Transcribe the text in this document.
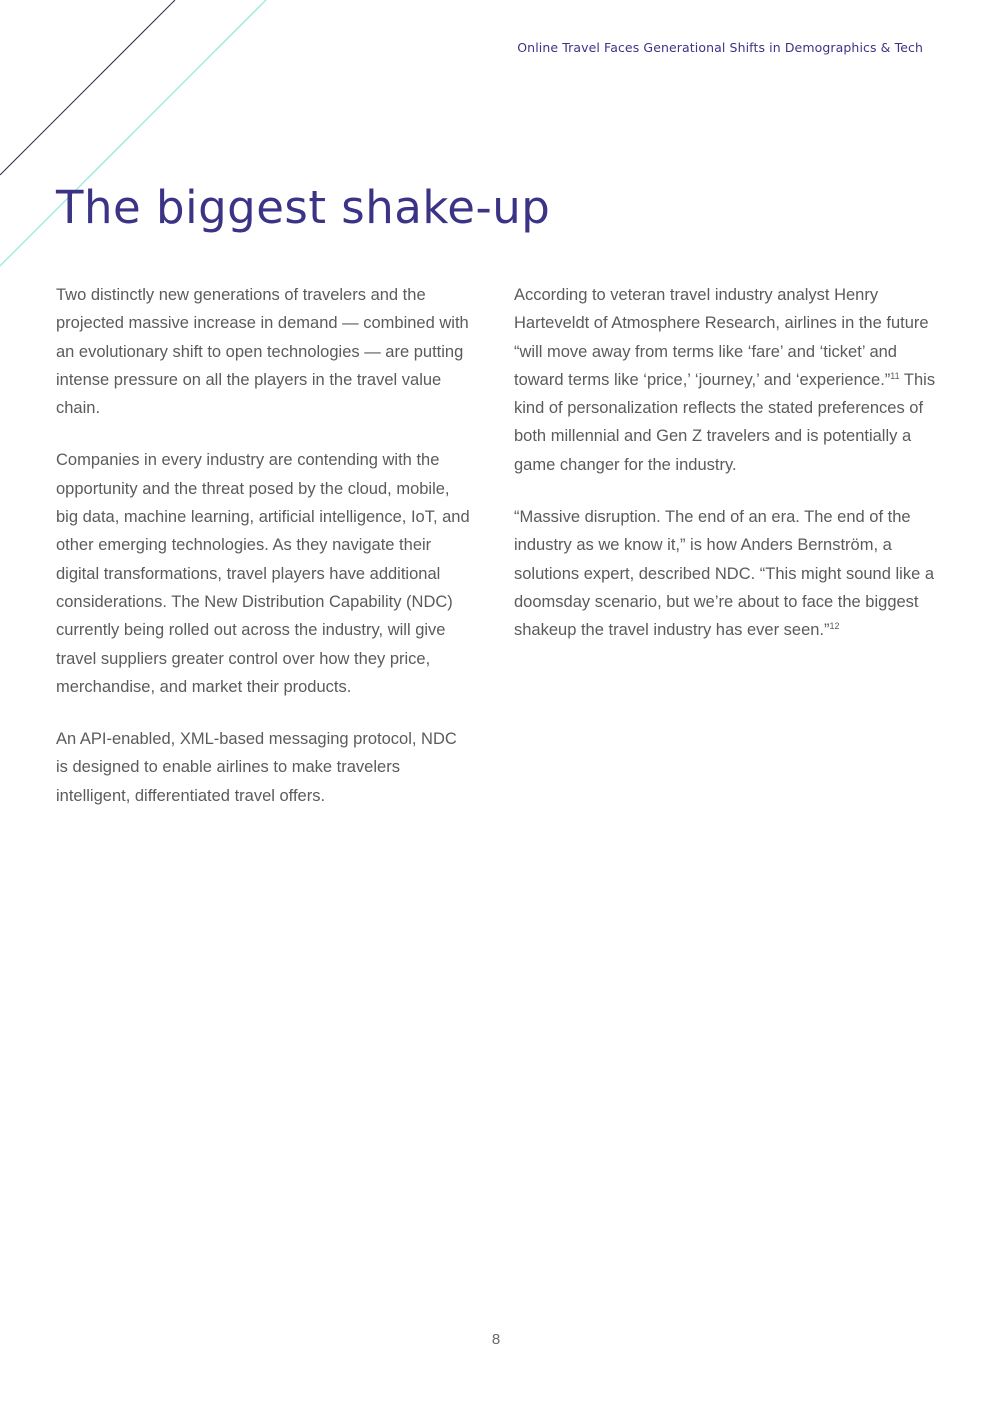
Online Travel Faces Generational Shifts in Demographics & Tech
The biggest shake-up

Two distinctly new generations of travelers and the projected massive increase in demand — combined with an evolutionary shift to open technologies — are putting intense pressure on all the players in the travel value chain.

Companies in every industry are contending with the opportunity and the threat posed by the cloud, mobile, big data, machine learning, artificial intelligence, IoT, and other emerging technologies. As they navigate their digital transformations, travel players have additional considerations. The New Distribution Capability (NDC) currently being rolled out across the industry, will give travel suppliers greater control over how they price, merchandise, and market their products.

An API-enabled, XML-based messaging protocol, NDC is designed to enable airlines to make travelers intelligent, differentiated travel offers.

According to veteran travel industry analyst Henry Harteveldt of Atmosphere Research, airlines in the future “will move away from terms like ‘fare’ and ‘ticket’ and toward terms like ‘price,’ ‘journey,’ and ‘experience.”$^{11}$ This kind of personalization reflects the stated preferences of both millennial and Gen Z travelers and is potentially a game changer for the industry.

“Massive disruption. The end of an era. The end of the industry as we know it,” is how Anders Bernström, a solutions expert, described NDC. “This might sound like a doomsday scenario, but we’re about to face the biggest shakeup the travel industry has ever seen.”$^{12}$

8
